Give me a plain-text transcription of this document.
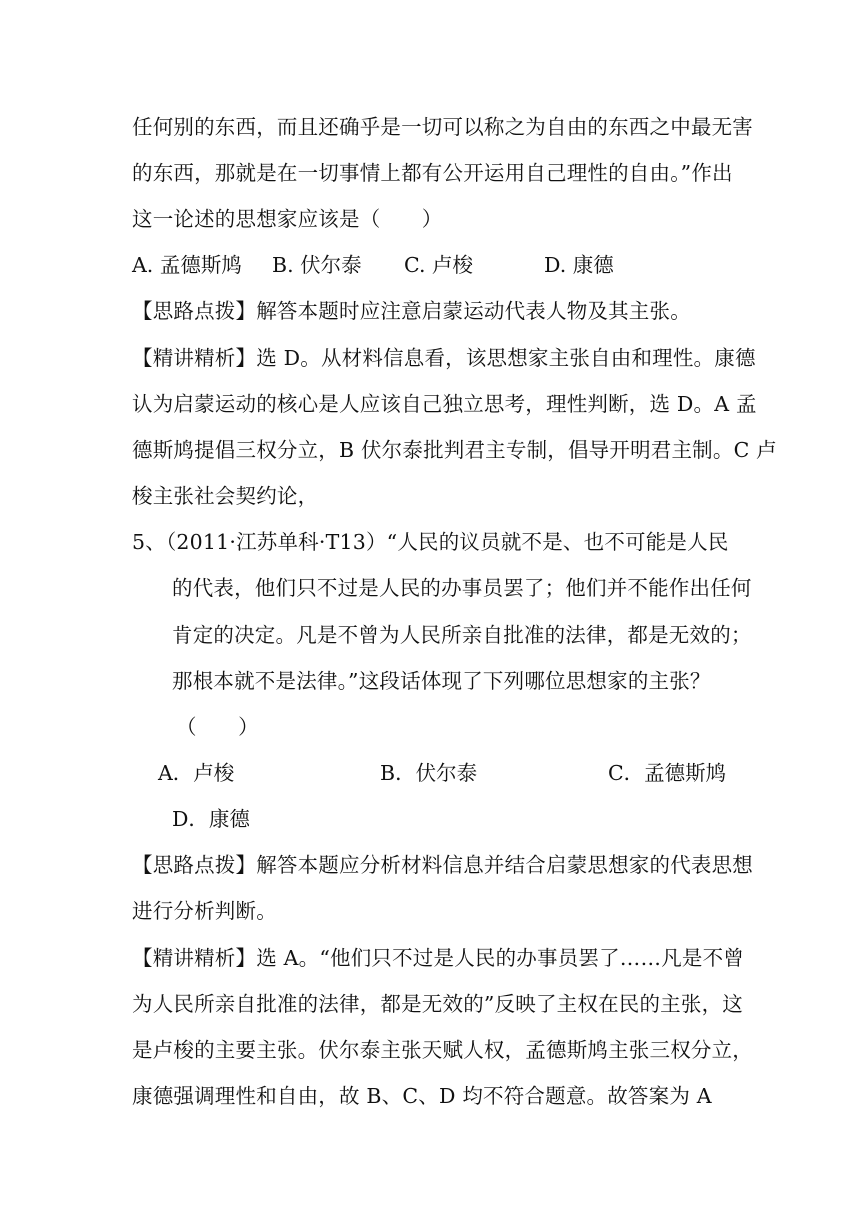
任何别的东西，而且还确乎是一切可以称之为自由的东西之中最无害
的东西，那就是在一切事情上都有公开运用自己理性的自由。”作出
这一论述的思想家应该是（　　）
A. 孟德斯鸠 B. 伏尔泰 C. 卢梭	D. 康德
【思路点拨】解答本题时应注意启蒙运动代表人物及其主张。
【精讲精析】选 D。从材料信息看，该思想家主张自由和理性。康德
认为启蒙运动的核心是人应该自己独立思考，理性判断，选 D。A 孟
德斯鸠提倡三权分立，B 伏尔泰批判君主专制，倡导开明君主制。C 卢
梭主张社会契约论，
5、（2011·江苏单科·T13）“人民的议员就不是、也不可能是人民
的代表，他们只不过是人民的办事员罢了；他们并不能作出任何
肯定的决定。凡是不曾为人民所亲自批准的法律，都是无效的；
那根本就不是法律。”这段话体现了下列哪位思想家的主张？
（　　）
A．卢梭	B．伏尔泰	C．孟德斯鸠
D．康德
【思路点拨】解答本题应分析材料信息并结合启蒙思想家的代表思想
进行分析判断。
【精讲精析】选 A。“他们只不过是人民的办事员罢了……凡是不曾
为人民所亲自批准的法律，都是无效的”反映了主权在民的主张，这
是卢梭的主要主张。伏尔泰主张天赋人权，孟德斯鸠主张三权分立，
康德强调理性和自由，故 B、C、D 均不符合题意。故答案为 A
